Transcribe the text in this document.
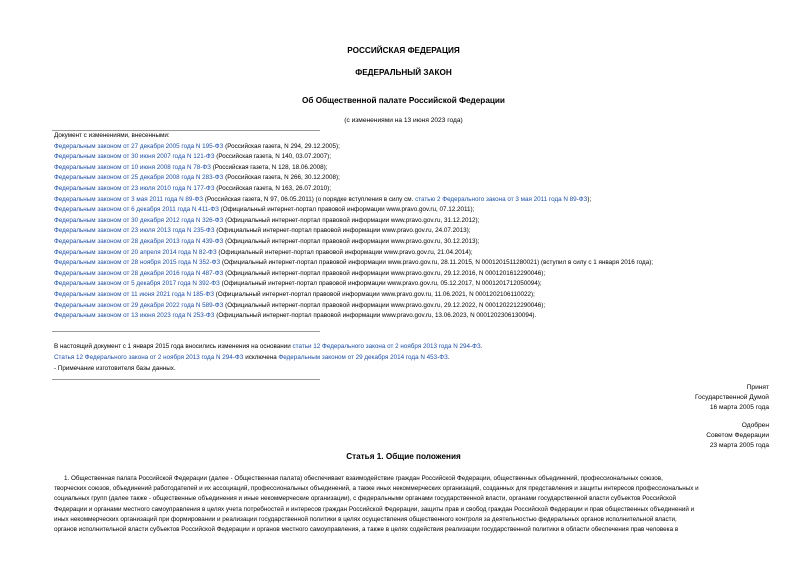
РОССИЙСКАЯ ФЕДЕРАЦИЯ
ФЕДЕРАЛЬНЫЙ ЗАКОН
Об Общественной палате Российской Федерации
(с изменениями на 13 июня 2023 года)
Документ с изменениями, внесенными:
Федеральным законом от 27 декабря 2005 года N 195-ФЗ (Российская газета, N 294, 29.12.2005);
Федеральным законом от 30 июня 2007 года N 121-ФЗ (Российская газета, N 140, 03.07.2007);
Федеральным законом от 10 июня 2008 года N 78-ФЗ (Российская газета, N 128, 18.06.2008);
Федеральным законом от 25 декабря 2008 года N 283-ФЗ (Российская газета, N 266, 30.12.2008);
Федеральным законом от 23 июля 2010 года N 177-ФЗ (Российская газета, N 163, 26.07.2010);
Федеральным законом от 3 мая 2011 года N 89-ФЗ (Российская газета, N 97, 06.05.2011) (о порядке вступления в силу см. статью 2 Федерального закона от 3 мая 2011 года N 89-ФЗ);
Федеральным законом от 6 декабря 2011 года N 411-ФЗ (Официальный интернет-портал правовой информации www.pravo.gov.ru, 07.12.2011);
Федеральным законом от 30 декабря 2012 года N 326-ФЗ (Официальный интернет-портал правовой информации www.pravo.gov.ru, 31.12.2012);
Федеральным законом от 23 июля 2013 года N 235-ФЗ (Официальный интернет-портал правовой информации www.pravo.gov.ru, 24.07.2013);
Федеральным законом от 28 декабря 2013 года N 439-ФЗ (Официальный интернет-портал правовой информации www.pravo.gov.ru, 30.12.2013);
Федеральным законом от 20 апреля 2014 года N 82-ФЗ (Официальный интернет-портал правовой информации www.pravo.gov.ru, 21.04.2014);
Федеральным законом от 28 ноября 2015 года N 352-ФЗ (Официальный интернет-портал правовой информации www.pravo.gov.ru, 28.11.2015, N 0001201511280021) (вступил в силу с 1 января 2016 года);
Федеральным законом от 28 декабря 2016 года N 487-ФЗ (Официальный интернет-портал правовой информации www.pravo.gov.ru, 29.12.2016, N 0001201612290046);
Федеральным законом от 5 декабря 2017 года N 392-ФЗ (Официальный интернет-портал правовой информации www.pravo.gov.ru, 05.12.2017, N 0001201712050094);
Федеральным законом от 11 июня 2021 года N 185-ФЗ (Официальный интернет-портал правовой информации www.pravo.gov.ru, 11.06.2021, N 0001202106110022);
Федеральным законом от 29 декабря 2022 года N 589-ФЗ (Официальный интернет-портал правовой информации www.pravo.gov.ru, 29.12.2022, N 0001202212290046);
Федеральным законом от 13 июня 2023 года N 253-ФЗ (Официальный интернет-портал правовой информации www.pravo.gov.ru, 13.06.2023, N 0001202306130094).
В настоящий документ с 1 января 2015 года вносились изменения на основании статьи 12 Федерального закона от 2 ноября 2013 года N 294-ФЗ.
Статья 12 Федерального закона от 2 ноября 2013 года N 294-ФЗ исключена Федеральным законом от 29 декабря 2014 года N 453-ФЗ.
- Примечание изготовителя базы данных.
Принят
Государственной Думой
16 марта 2005 года
Одобрен
Советом Федерации
23 марта 2005 года
Статья 1. Общие положения
1. Общественная палата Российской Федерации (далее - Общественная палата) обеспечивает взаимодействие граждан Российской Федерации, общественных объединений, профессиональных союзов,
творческих союзов, объединений работодателей и их ассоциаций, профессиональных объединений, а также иных некоммерческих организаций, созданных для представления и защиты интересов профессиональных и
социальных групп (далее также - общественные объединения и иные некоммерческие организации), с федеральными органами государственной власти, органами государственной власти субъектов Российской
Федерации и органами местного самоуправления в целях учета потребностей и интересов граждан Российской Федерации, защиты прав и свобод граждан Российской Федерации и прав общественных объединений и
иных некоммерческих организаций при формировании и реализации государственной политики в целях осуществления общественного контроля за деятельностью федеральных органов исполнительной власти,
органов исполнительной власти субъектов Российской Федерации и органов местного самоуправления, а также в целях содействия реализации государственной политики в области обеспечения прав человека в
